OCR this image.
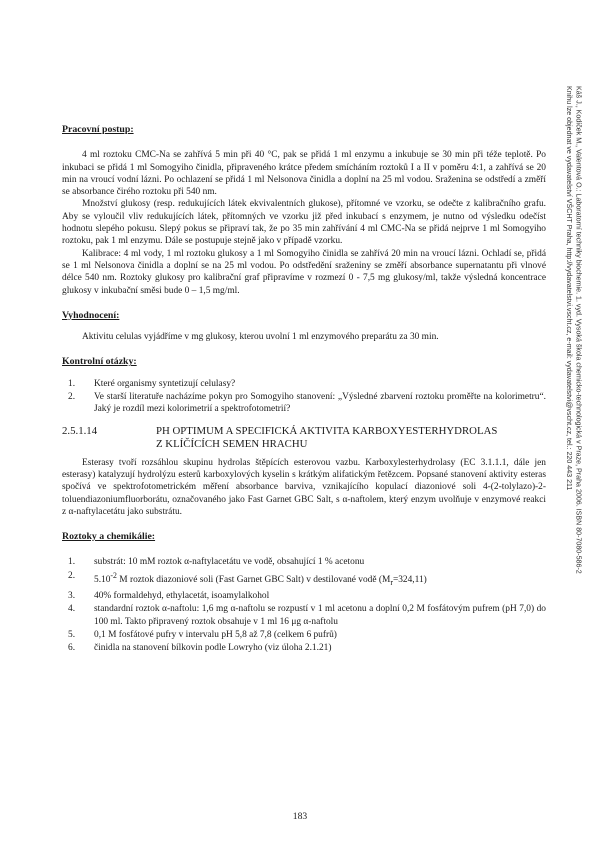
Káš J., Kodíček M., Valentová O.: Laboratorní techniky biochemie. 1. vyd. Vysoká škola chemicko-technologická v Praze, Praha 2006. ISBN 80-7080-586-2
Knihu lze objednat ve vydavatelství VŠCHT Praha, http://vydavatelstvi.vscht.cz, e-mail: vydavatelstvi@vscht.cz, tel.: 220 443 211

Pracovní postup:

4 ml roztoku CMC-Na se zahřívá 5 min při 40 °C, pak se přidá 1 ml enzymu a inkubuje se 30 min při téže teplotě. Po inkubaci se přidá 1 ml Somogyiho činidla, připraveného krátce předem smícháním roztoků I a II v poměru 4:1, a zahřívá se 20 min na vroucí vodní lázni. Po ochlazení se přidá 1 ml Nelsonova činidla a doplní na 25 ml vodou. Sraženina se odstředí a změří se absorbance čirého roztoku při 540 nm.

Množství glukosy (resp. redukujících látek ekvivalentních glukose), přítomné ve vzorku, se odečte z kalibračního grafu. Aby se vyloučil vliv redukujících látek, přítomných ve vzorku již před inkubací s enzymem, je nutno od výsledku odečíst hodnotu slepého pokusu. Slepý pokus se připraví tak, že po 35 min zahřívání 4 ml CMC-Na se přidá nejprve 1 ml Somogyiho roztoku, pak 1 ml enzymu. Dále se postupuje stejně jako v případě vzorku.

Kalibrace: 4 ml vody, 1 ml roztoku glukosy a 1 ml Somogyiho činidla se zahřívá 20 min na vroucí lázni. Ochladí se, přidá se 1 ml Nelsonova činidla a doplní se na 25 ml vodou. Po odstředění sraženiny se změří absorbance supernatantu při vlnové délce 540 nm. Roztoky glukosy pro kalibrační graf připravíme v rozmezí 0 - 7,5 mg glukosy/ml, takže výsledná koncentrace glukosy v inkubační směsi bude 0 – 1,5 mg/ml.

Vyhodnocení:

Aktivitu celulas vyjádříme v mg glukosy, kterou uvolní 1 ml enzymového preparátu za 30 min.

Kontrolní otázky:

1.	Které organismy syntetizují celulasy?
2.	Ve starší literatuře nacházíme pokyn pro Somogyiho stanovení: „Výsledné zbarvení roztoku proměřte na kolorimetru“. Jaký je rozdíl mezi kolorimetrií a spektrofotometrií?
2.5.1.14	PH OPTIMUM A SPECIFICKÁ AKTIVITA KARBOXYESTERHYDROLAS
Z KLÍČÍCÍCH SEMEN HRACHU

Esterasy tvoří rozsáhlou skupinu hydrolas štěpících esterovou vazbu. Karboxylesterhydrolasy (EC 3.1.1.1, dále jen esterasy) katalyzují hydrolýzu esterů karboxylových kyselin s krátkým alifatickým řetězcem. Popsané stanovení aktivity esteras spočívá ve spektrofotometrickém měření absorbance barviva, vznikajícího kopulací diazoniové soli 4-(2-tolylazo)-2-toluendiazoniumfluorborátu, označovaného jako Fast Garnet GBC Salt, s α-naftolem, který enzym uvolňuje v enzymové reakci z α-naftylacetátu jako substrátu.

Roztoky a chemikálie:

1.	substrát: 10 mM roztok α-naftylacetátu ve vodě, obsahující 1 % acetonu
2.	$5.10^{-2}$ M roztok diazoniové soli (Fast Garnet GBC Salt) v destilované vodě $(M_r=324,11)$
3.	40% formaldehyd, ethylacetát, isoamylalkohol
4.	standardní roztok α-naftolu: 1,6 mg α-naftolu se rozpustí v 1 ml acetonu a doplní 0,2 M fosfátovým pufrem (pH 7,0) do 100 ml. Takto připravený roztok obsahuje v 1 ml 16 μg α-naftolu
5.	0,1 M fosfátové pufry v intervalu pH 5,8 až 7,8 (celkem 6 pufrů)
6.	činidla na stanovení bílkovin podle Lowryho (viz úloha 2.1.21)
183
